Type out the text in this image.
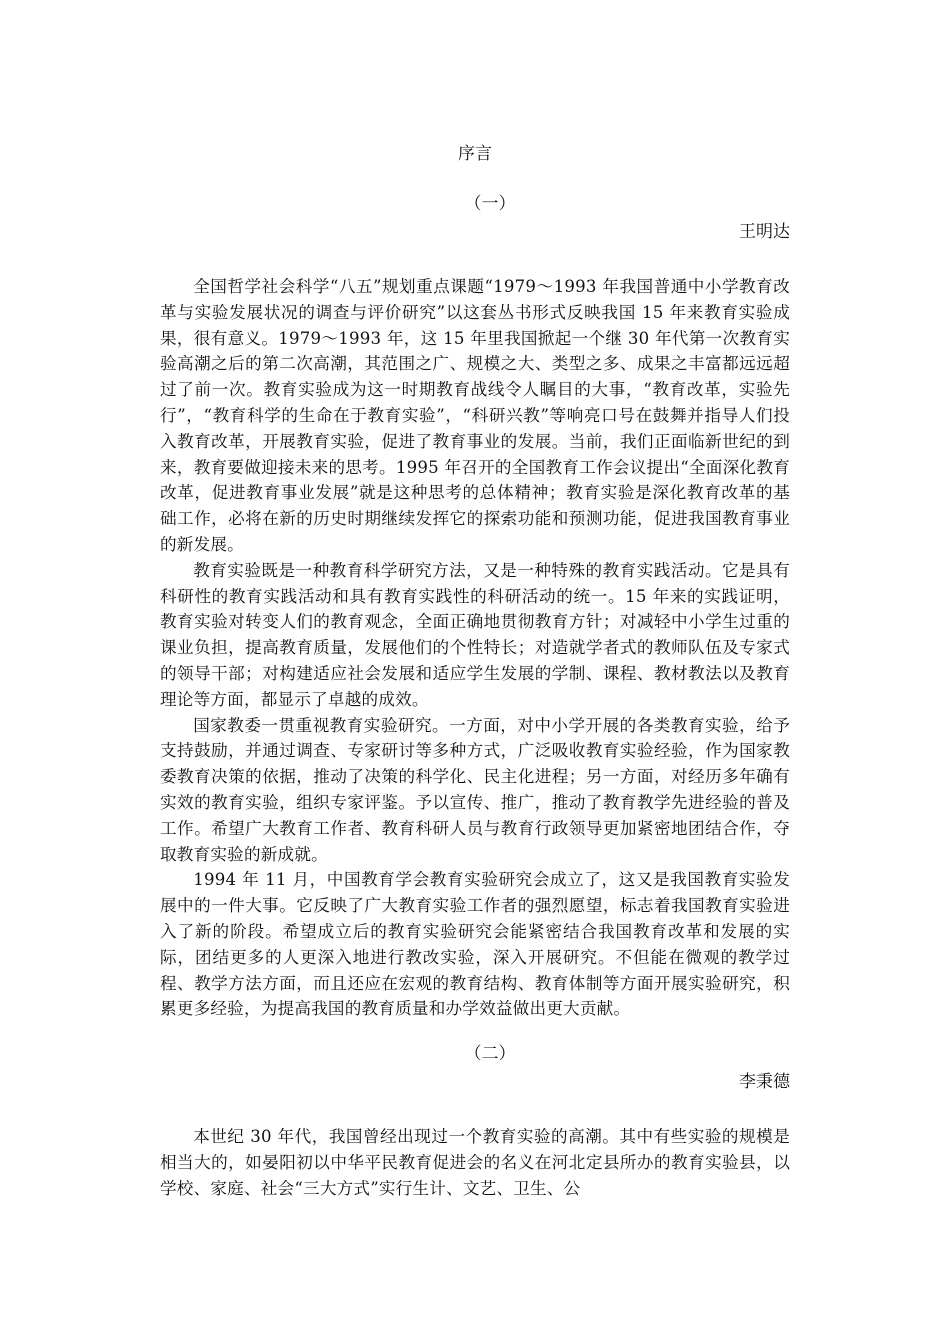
序言
（一）
王明达

全国哲学社会科学“八五”规划重点课题“1979～1993 年我国普通中小学教育改革与实验发展状况的调查与评价研究”以这套丛书形式反映我国 15 年来教育实验成果，很有意义。1979～1993 年，这 15 年里我国掀起一个继 30 年代第一次教育实验高潮之后的第二次高潮，其范围之广、规模之大、类型之多、成果之丰富都远远超过了前一次。教育实验成为这一时期教育战线令人瞩目的大事，“教育改革，实验先行”，“教育科学的生命在于教育实验”，“科研兴教”等响亮口号在鼓舞并指导人们投入教育改革，开展教育实验，促进了教育事业的发展。当前，我们正面临新世纪的到来，教育要做迎接未来的思考。1995 年召开的全国教育工作会议提出“全面深化教育改革，促进教育事业发展”就是这种思考的总体精神；教育实验是深化教育改革的基础工作，必将在新的历史时期继续发挥它的探索功能和预测功能，促进我国教育事业的新发展。

教育实验既是一种教育科学研究方法，又是一种特殊的教育实践活动。它是具有科研性的教育实践活动和具有教育实践性的科研活动的统一。15 年来的实践证明，教育实验对转变人们的教育观念，全面正确地贯彻教育方针；对减轻中小学生过重的课业负担，提高教育质量，发展他们的个性特长；对造就学者式的教师队伍及专家式的领导干部；对构建适应社会发展和适应学生发展的学制、课程、教材教法以及教育理论等方面，都显示了卓越的成效。

国家教委一贯重视教育实验研究。一方面，对中小学开展的各类教育实验，给予支持鼓励，并通过调查、专家研讨等多种方式，广泛吸收教育实验经验，作为国家教委教育决策的依据，推动了决策的科学化、民主化进程；另一方面，对经历多年确有实效的教育实验，组织专家评鉴。予以宣传、推广，推动了教育教学先进经验的普及工作。希望广大教育工作者、教育科研人员与教育行政领导更加紧密地团结合作，夺取教育实验的新成就。

1994 年 11 月，中国教育学会教育实验研究会成立了，这又是我国教育实验发展中的一件大事。它反映了广大教育实验工作者的强烈愿望，标志着我国教育实验进入了新的阶段。希望成立后的教育实验研究会能紧密结合我国教育改革和发展的实际，团结更多的人更深入地进行教改实验，深入开展研究。不但能在微观的教学过程、教学方法方面，而且还应在宏观的教育结构、教育体制等方面开展实验研究，积累更多经验，为提高我国的教育质量和办学效益做出更大贡献。

（二）
李秉德

本世纪 30 年代，我国曾经出现过一个教育实验的高潮。其中有些实验的规模是相当大的，如晏阳初以中华平民教育促进会的名义在河北定县所办的教育实验县，以学校、家庭、社会“三大方式”实行生计、文艺、卫生、公
